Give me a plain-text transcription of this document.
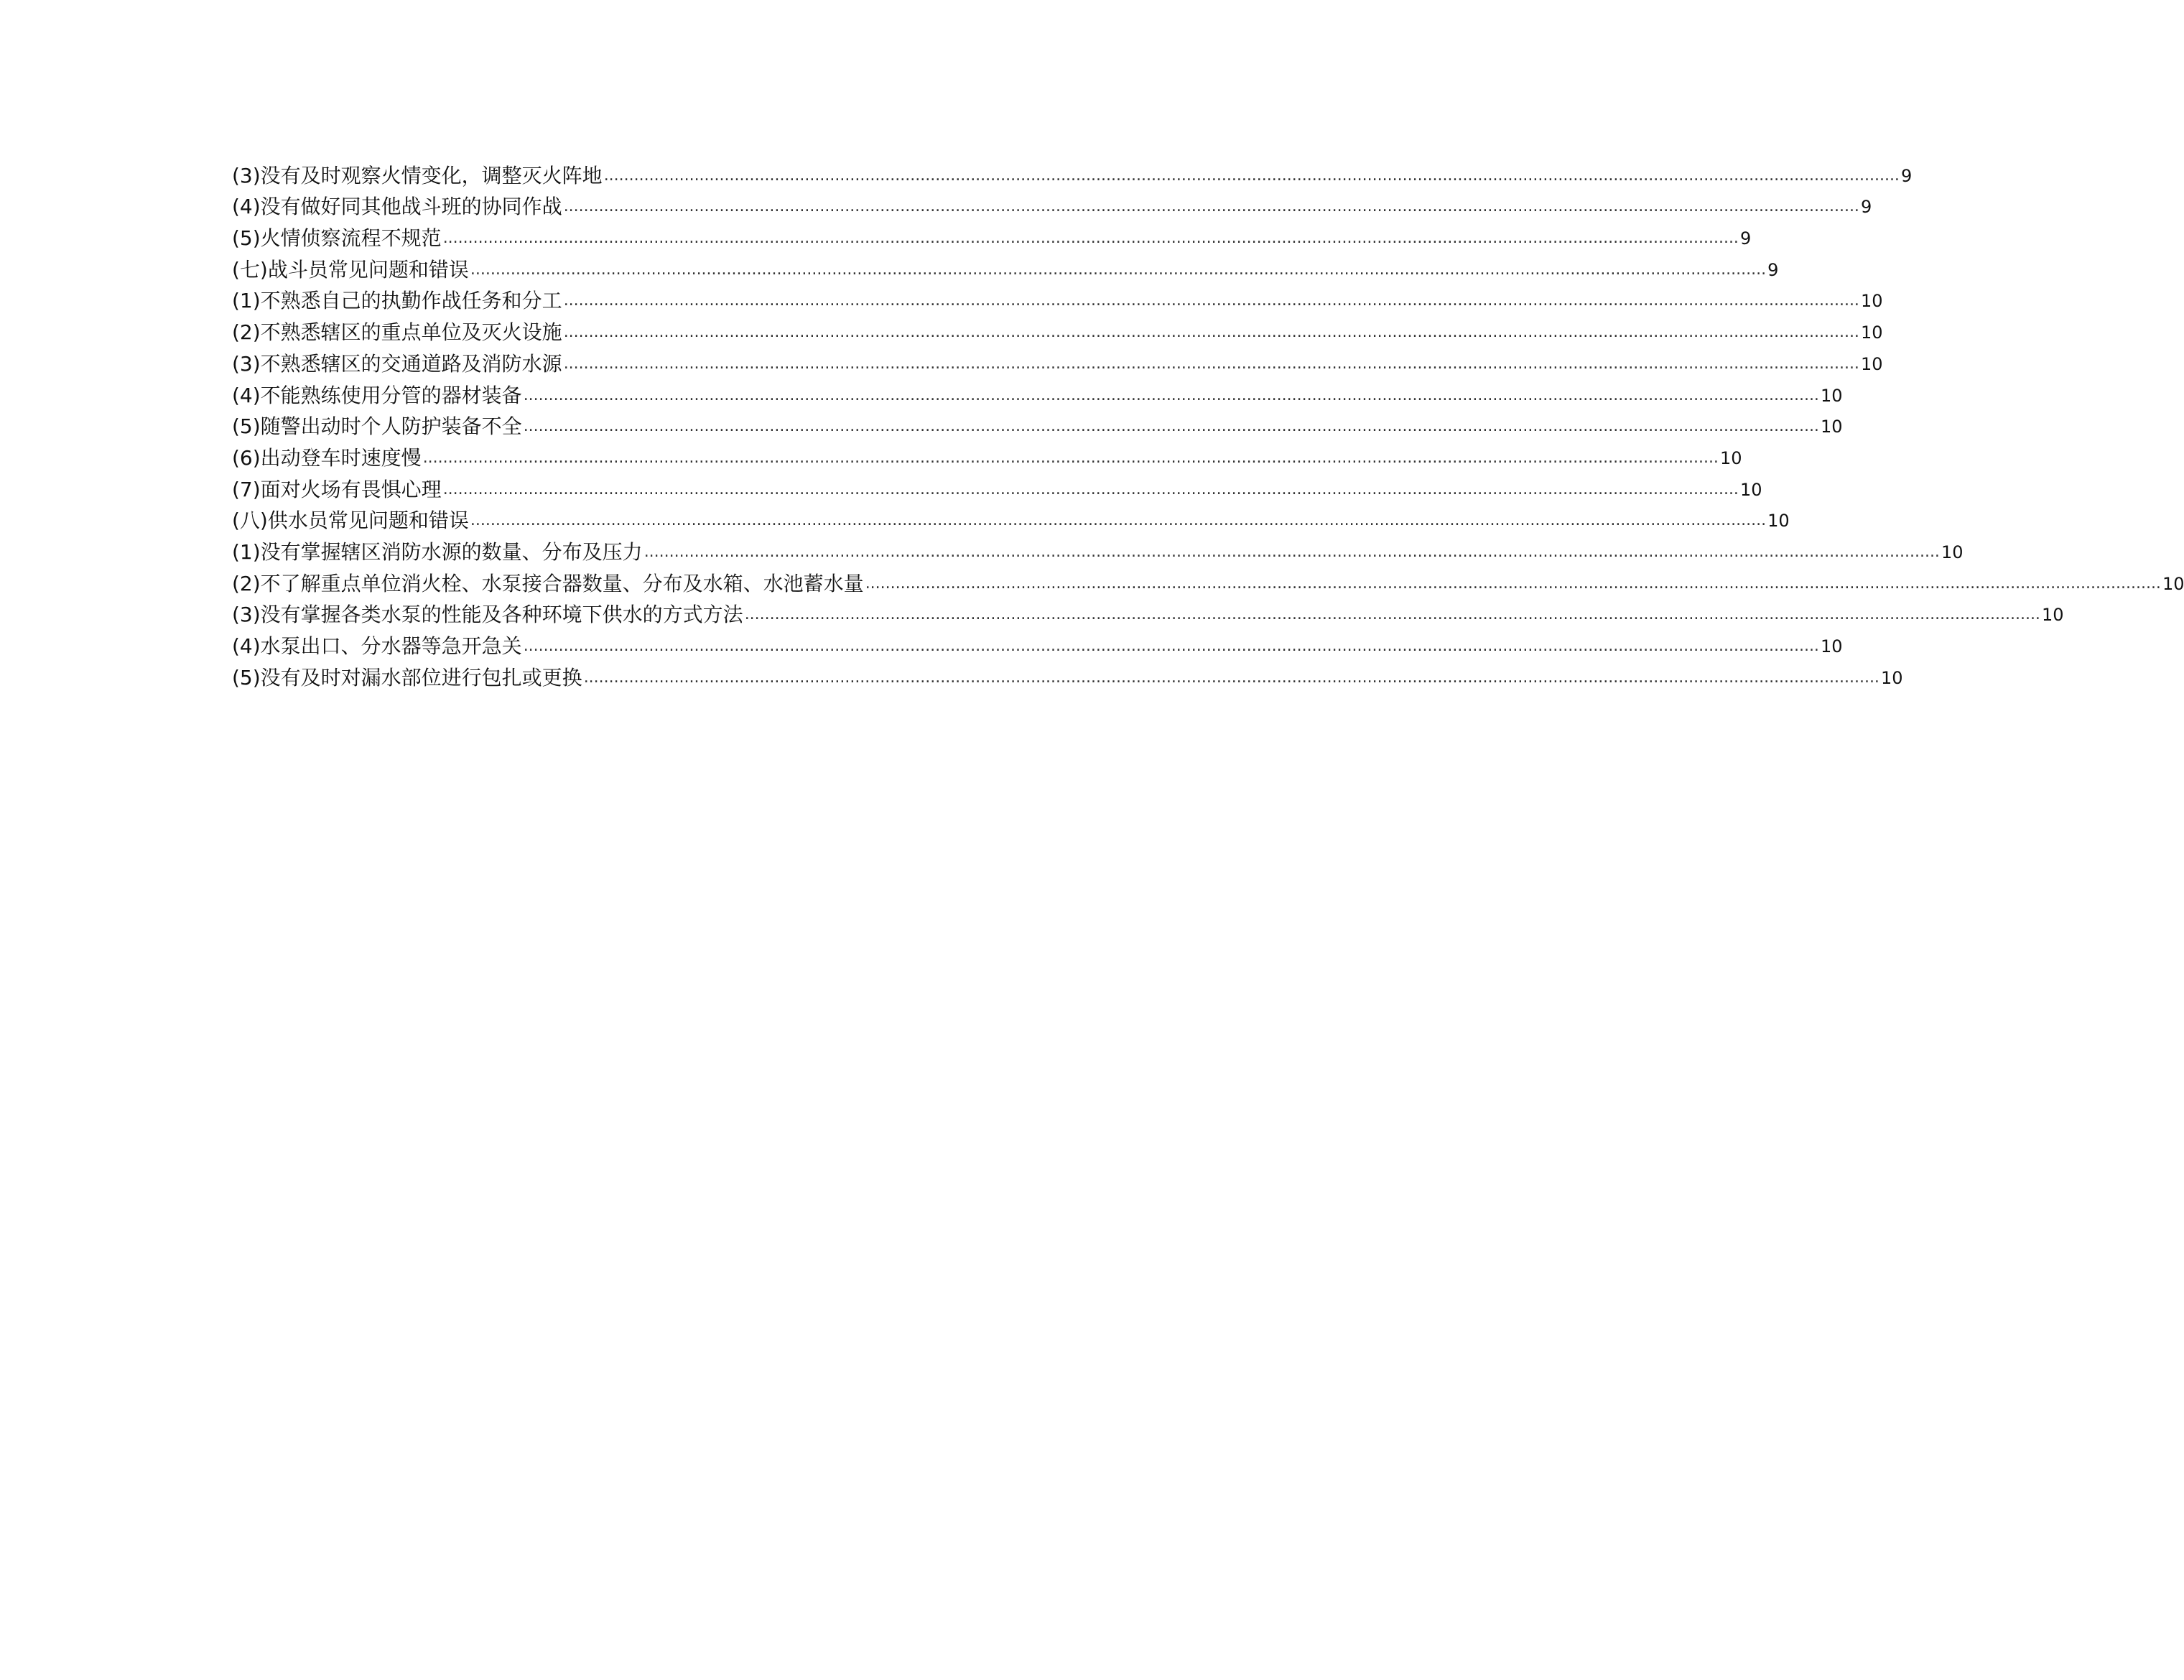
(3) 没有及时观察火情变化，调整灭火阵地 .................................................................................................................................................................................................................................................................. 9
(4) 没有做好同其他战斗班的协同作战 .................................................................................................................................................................................................................................................................. 9
(5) 火情侦察流程不规范 .................................................................................................................................................................................................................................................................. 9
(七) 战斗员常见问题和错误 .................................................................................................................................................................................................................................................................. 9
(1) 不熟悉自己的执勤作战任务和分工 .................................................................................................................................................................................................................................................................. 10
(2) 不熟悉辖区的重点单位及灭火设施 .................................................................................................................................................................................................................................................................. 10
(3) 不熟悉辖区的交通道路及消防水源 .................................................................................................................................................................................................................................................................. 10
(4) 不能熟练使用分管的器材装备 .................................................................................................................................................................................................................................................................. 10
(5) 随警出动时个人防护装备不全 .................................................................................................................................................................................................................................................................. 10
(6) 出动登车时速度慢 .................................................................................................................................................................................................................................................................. 10
(7) 面对火场有畏惧心理 .................................................................................................................................................................................................................................................................. 10
(八) 供水员常见问题和错误 .................................................................................................................................................................................................................................................................. 10
(1) 没有掌握辖区消防水源的数量、分布及压力 .................................................................................................................................................................................................................................................................. 10
(2) 不了解重点单位消火栓、水泵接合器数量、分布及水箱、水池蓄水量 .................................................................................................................................................................................................................................................................. 10
(3) 没有掌握各类水泵的性能及各种环境下供水的方式方法 .................................................................................................................................................................................................................................................................. 10
(4) 水泵出口、分水器等急开急关 .................................................................................................................................................................................................................................................................. 10
(5) 没有及时对漏水部位进行包扎或更换 .................................................................................................................................................................................................................................................................. 10
